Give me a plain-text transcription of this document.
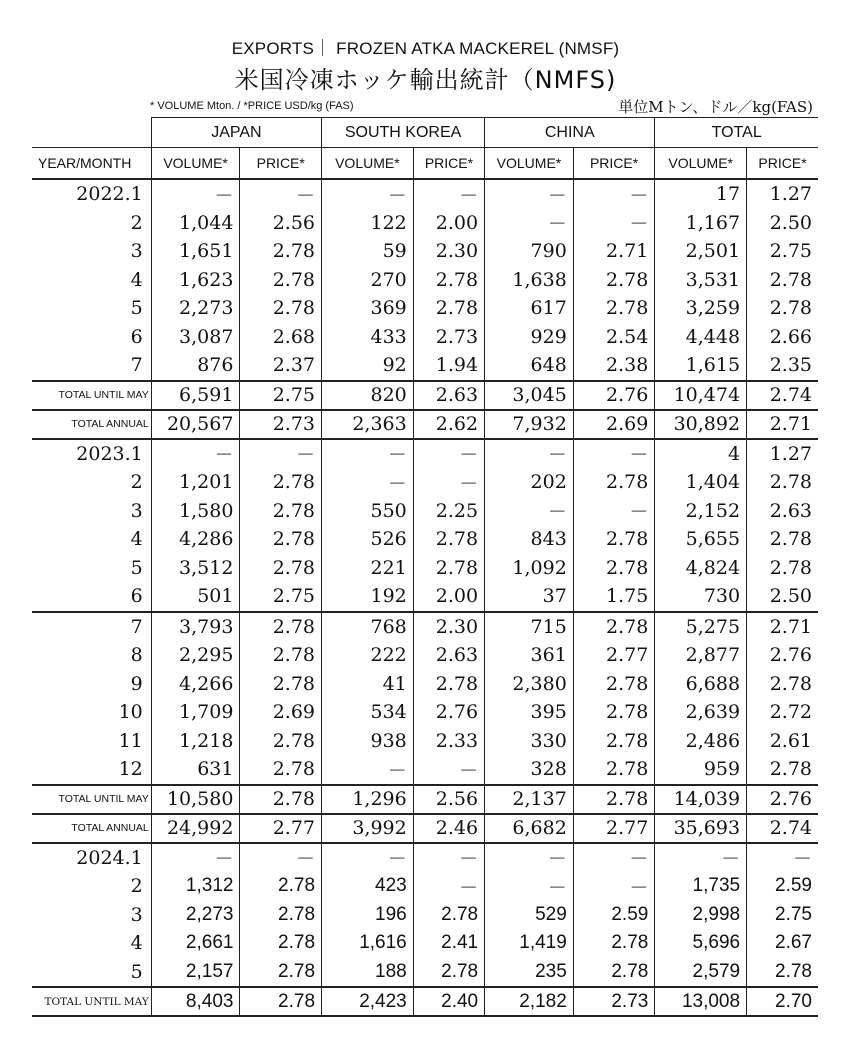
EXPORTS｜ FROZEN ATKA MACKEREL (NMSF)
米国冷凍ホッケ輸出統計（NMFS)
* VOLUME Mton. / *PRICE USD/kg (FAS)	単位Mトン、ドル／kg(FAS)
	JAPAN		SOUTH KOREA		CHINA		TOTAL	
YEAR/MONTH	VOLUME*	PRICE*	VOLUME*	PRICE*	VOLUME*	PRICE*	VOLUME*	PRICE*
2022.1	－	－	－	－	－	－	17	1.27
2	1,044	2.56	122	2.00	－	－	1,167	2.50
3	1,651	2.78	59	2.30	790	2.71	2,501	2.75
4	1,623	2.78	270	2.78	1,638	2.78	3,531	2.78
5	2,273	2.78	369	2.78	617	2.78	3,259	2.78
6	3,087	2.68	433	2.73	929	2.54	4,448	2.66
7	876	2.37	92	1.94	648	2.38	1,615	2.35
TOTAL UNTIL MAY	6,591	2.75	820	2.63	3,045	2.76	10,474	2.74
TOTAL ANNUAL	20,567	2.73	2,363	2.62	7,932	2.69	30,892	2.71
2023.1	－	－	－	－	－	－	4	1.27
2	1,201	2.78	－	－	202	2.78	1,404	2.78
3	1,580	2.78	550	2.25	－	－	2,152	2.63
4	4,286	2.78	526	2.78	843	2.78	5,655	2.78
5	3,512	2.78	221	2.78	1,092	2.78	4,824	2.78
6	501	2.75	192	2.00	37	1.75	730	2.50
7	3,793	2.78	768	2.30	715	2.78	5,275	2.71
8	2,295	2.78	222	2.63	361	2.77	2,877	2.76
9	4,266	2.78	41	2.78	2,380	2.78	6,688	2.78
10	1,709	2.69	534	2.76	395	2.78	2,639	2.72
11	1,218	2.78	938	2.33	330	2.78	2,486	2.61
12	631	2.78	－	－	328	2.78	959	2.78
TOTAL UNTIL MAY	10,580	2.78	1,296	2.56	2,137	2.78	14,039	2.76
TOTAL ANNUAL	24,992	2.77	3,992	2.46	6,682	2.77	35,693	2.74
2024.1	－	－	－	－	－	－	－	－
2	1,312	2.78	423	－	－	－	1,735	2.59
3	2,273	2.78	196	2.78	529	2.59	2,998	2.75
4	2,661	2.78	1,616	2.41	1,419	2.78	5,696	2.67
5	2,157	2.78	188	2.78	235	2.78	2,579	2.78
TOTAL UNTIL MAY	8,403	2.78	2,423	2.40	2,182	2.73	13,008	2.70
